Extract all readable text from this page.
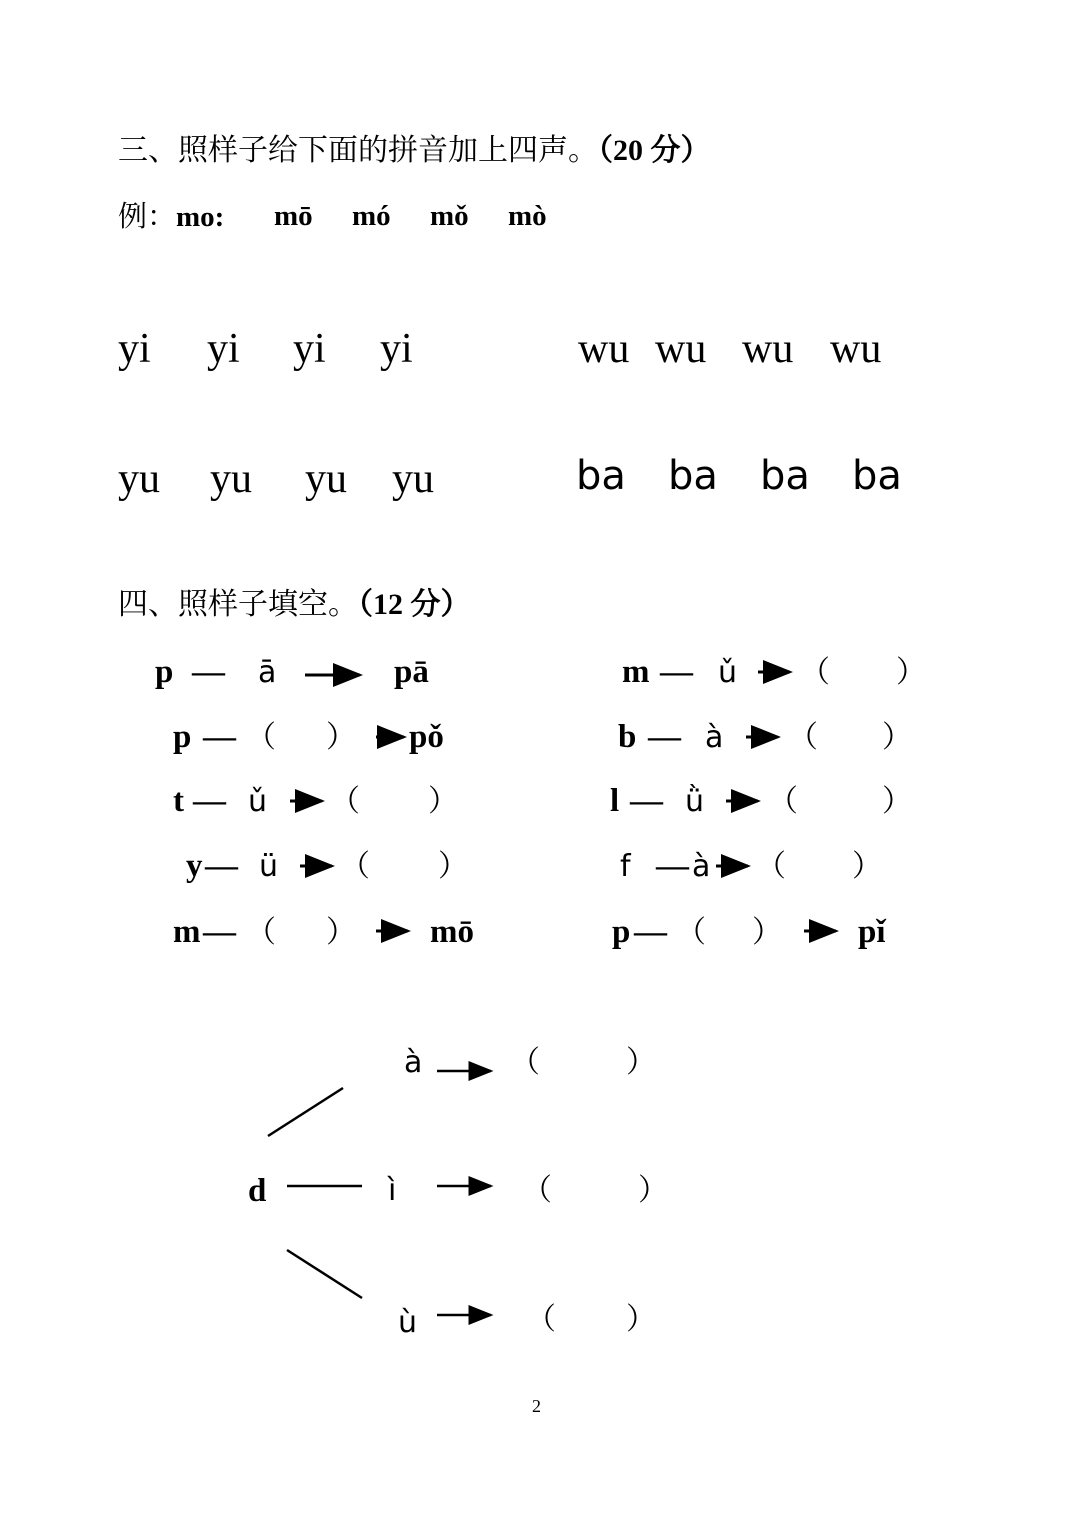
三、照样子给下面的拼音加上四声。（20 分）
例：mo: mō mó mǒ mò
yi yi yi yi	wu wu wu wu
yu yu yu yu	ba ba ba ba
四、照样子填空。（12 分）
p — ā	pā
p — （ ） pǒ
t — ǔ （ ）
y — ü （ ）
m — （ ） mō
m — ǔ （ ）
b — à （ ）
l — ǜ （	）
f — à （ ）
p — （ ） pǐ
d
à	（	）
ì	（	）
ù	（ ）
2
